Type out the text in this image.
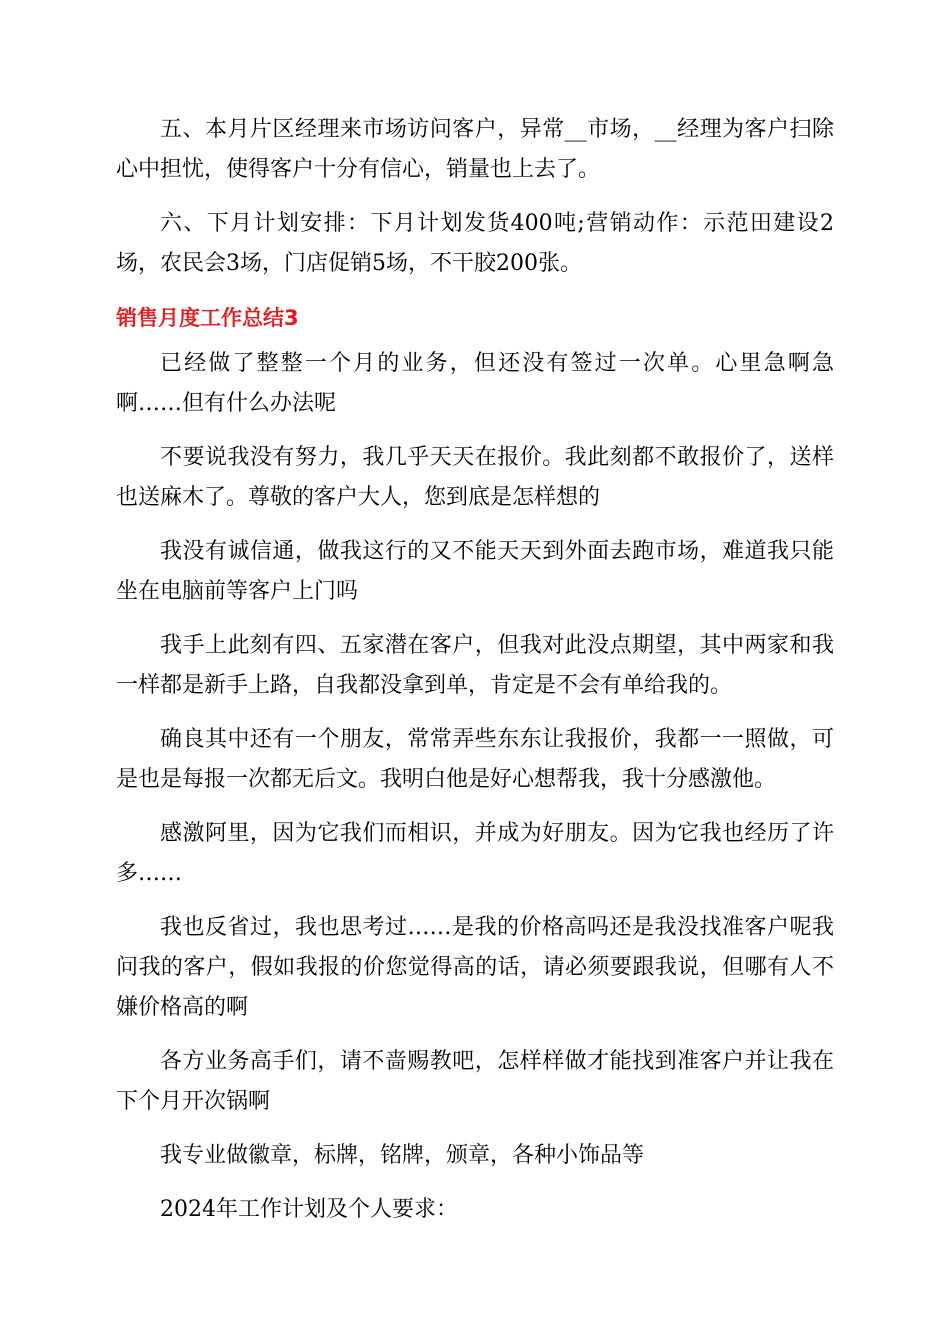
五、本月片区经理来市场访问客户，异常__市场，__经理为客户扫除心中担忧，使得客户十分有信心，销量也上去了。

六、下月计划安排：下月计划发货400吨;营销动作：示范田建设2场，农民会3场，门店促销5场，不干胶200张。

销售月度工作总结3

已经做了整整一个月的业务，但还没有签过一次单。心里急啊急啊……但有什么办法呢

不要说我没有努力，我几乎天天在报价。我此刻都不敢报价了，送样也送麻木了。尊敬的客户大人，您到底是怎样想的

我没有诚信通，做我这行的又不能天天到外面去跑市场，难道我只能坐在电脑前等客户上门吗

我手上此刻有四、五家潜在客户，但我对此没点期望，其中两家和我一样都是新手上路，自我都没拿到单，肯定是不会有单给我的。

确良其中还有一个朋友，常常弄些东东让我报价，我都一一照做，可是也是每报一次都无后文。我明白他是好心想帮我，我十分感激他。

感激阿里，因为它我们而相识，并成为好朋友。因为它我也经历了许多……

我也反省过，我也思考过……是我的价格高吗还是我没找准客户呢我问我的客户，假如我报的价您觉得高的话，请必须要跟我说，但哪有人不嫌价格高的啊

各方业务高手们，请不啬赐教吧，怎样样做才能找到准客户并让我在下个月开次锅啊

我专业做徽章，标牌，铭牌，颁章，各种小饰品等

2024年工作计划及个人要求：
